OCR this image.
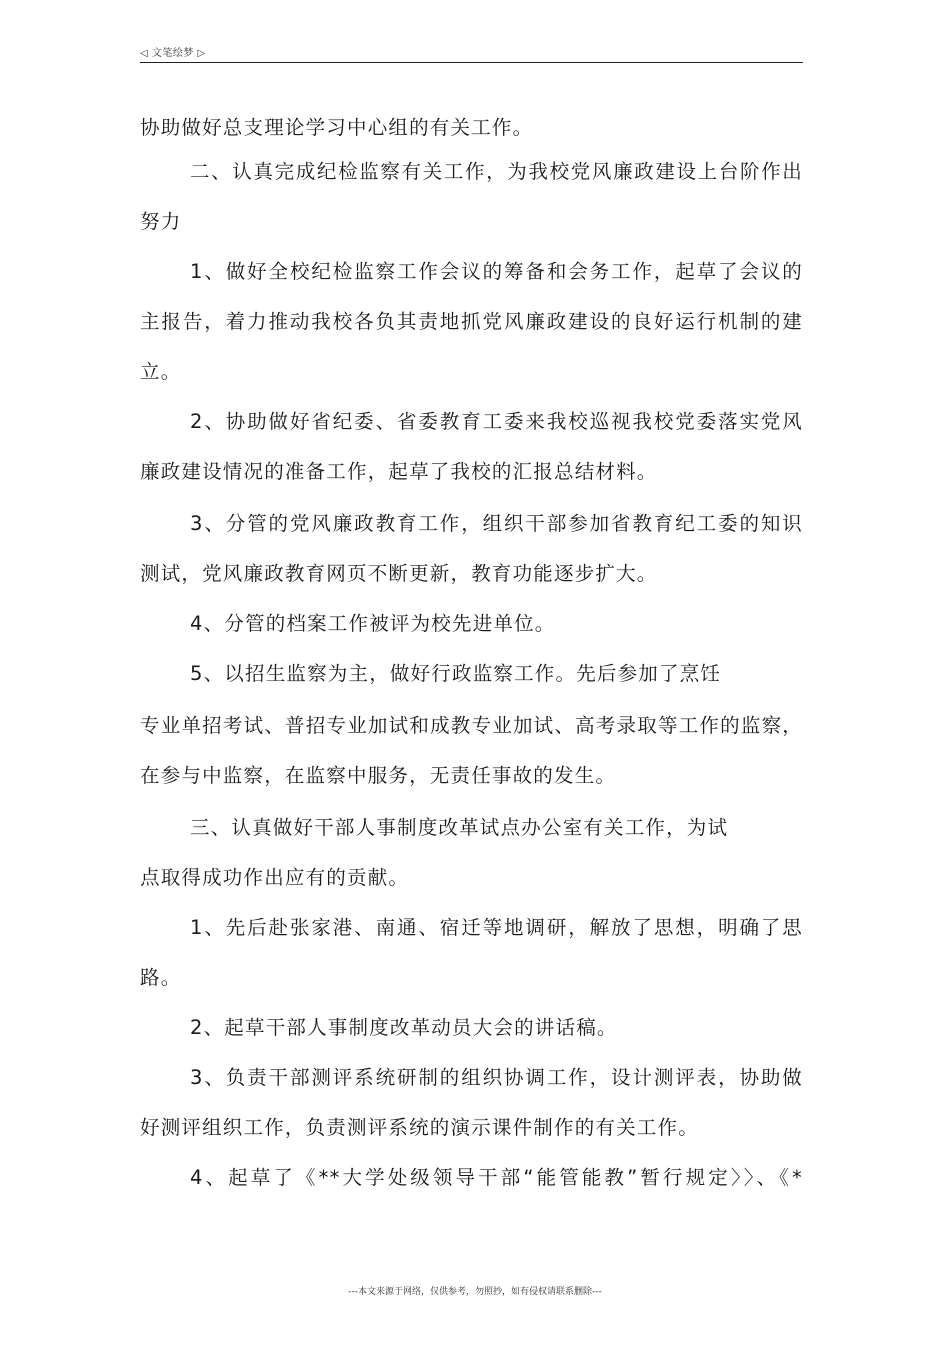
◁ 文笔绘梦 ▷
协助做好总支理论学习中心组的有关工作。
二、认真完成纪检监察有关工作，为我校党风廉政建设上台阶作出
努力
1、做好全校纪检监察工作会议的筹备和会务工作，起草了会议的
主报告，着力推动我校各负其责地抓党风廉政建设的良好运行机制的建
立。
2、协助做好省纪委、省委教育工委来我校巡视我校党委落实党风
廉政建设情况的准备工作，起草了我校的汇报总结材料。
3、分管的党风廉政教育工作，组织干部参加省教育纪工委的知识
测试，党风廉政教育网页不断更新，教育功能逐步扩大。
4、分管的档案工作被评为校先进单位。
5、以招生监察为主，做好行政监察工作。先后参加了烹饪
专业单招考试、普招专业加试和成教专业加试、高考录取等工作的监察，
在参与中监察，在监察中服务，无责任事故的发生。
三、认真做好干部人事制度改革试点办公室有关工作，为试
点取得成功作出应有的贡献。
1、先后赴张家港、南通、宿迁等地调研，解放了思想，明确了思
路。
2、起草干部人事制度改革动员大会的讲话稿。
3、负责干部测评系统研制的组织协调工作，设计测评表，协助做
好测评组织工作，负责测评系统的演示课件制作的有关工作。
4、起草了《**大学处级领导干部“能管能教”暂行规定〉〉、《*
---本文来源于网络，仅供参考，勿照抄，如有侵权请联系删除---
